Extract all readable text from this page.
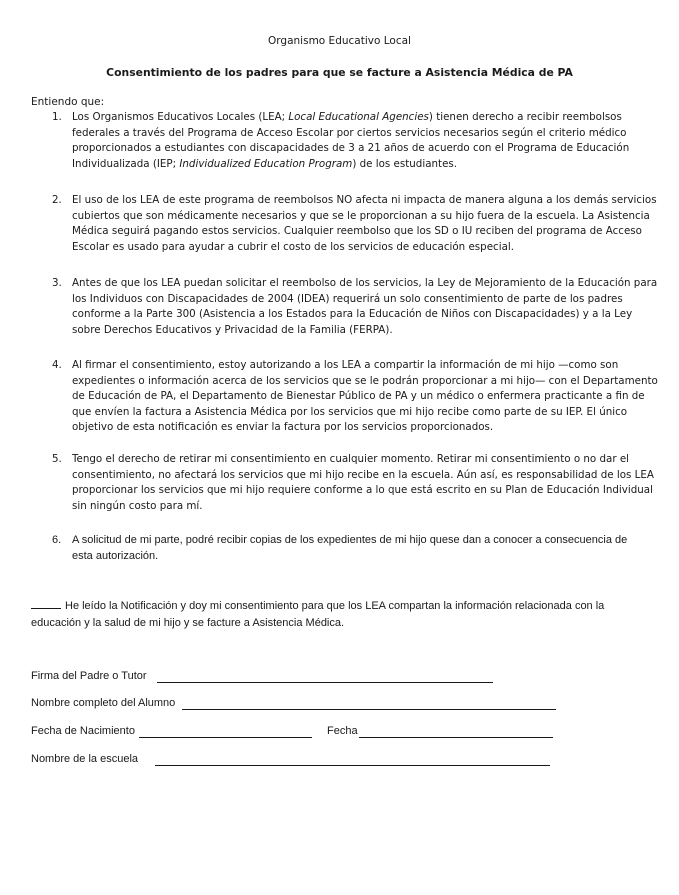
Organismo Educativo Local
Consentimiento de los padres para que se facture a Asistencia Médica de PA
Entiendo que:
1. Los Organismos Educativos Locales (LEA; Local Educational Agencies) tienen derecho a recibir reembolsos
federales a través del Programa de Acceso Escolar por ciertos servicios necesarios según el criterio médico
proporcionados a estudiantes con discapacidades de 3 a 21 años de acuerdo con el Programa de Educación
Individualizada (IEP; Individualized Education Program) de los estudiantes.
2. El uso de los LEA de este programa de reembolsos NO afecta ni impacta de manera alguna a los demás servicios
cubiertos que son médicamente necesarios y que se le proporcionan a su hijo fuera de la escuela. La Asistencia
Médica seguirá pagando estos servicios. Cualquier reembolso que los SD o IU reciben del programa de Acceso
Escolar es usado para ayudar a cubrir el costo de los servicios de educación especial.
3. Antes de que los LEA puedan solicitar el reembolso de los servicios, la Ley de Mejoramiento de la Educación para
los Individuos con Discapacidades de 2004 (IDEA) requerirá un solo consentimiento de parte de los padres
conforme a la Parte 300 (Asistencia a los Estados para la Educación de Niños con Discapacidades) y a la Ley
sobre Derechos Educativos y Privacidad de la Familia (FERPA).
4. Al firmar el consentimiento, estoy autorizando a los LEA a compartir la información de mi hijo —como son
expedientes o información acerca de los servicios que se le podrán proporcionar a mi hijo— con el Departamento
de Educación de PA, el Departamento de Bienestar Público de PA y un médico o enfermera practicante a fin de
que envíen la factura a Asistencia Médica por los servicios que mi hijo recibe como parte de su IEP. El único
objetivo de esta notificación es enviar la factura por los servicios proporcionados.
5. Tengo el derecho de retirar mi consentimiento en cualquier momento. Retirar mi consentimiento o no dar el
consentimiento, no afectará los servicios que mi hijo recibe en la escuela. Aún así, es responsabilidad de los LEA
proporcionar los servicios que mi hijo requiere conforme a lo que está escrito en su Plan de Educación Individual
sin ningún costo para mí.
6. A solicitud de mi parte, podré recibir copias de los expedientes de mi hijo quese dan a conocer a consecuencia de
esta autorización.
He leído la Notificación y doy mi consentimiento para que los LEA compartan la información relacionada con la
educación y la salud de mi hijo y se facture a Asistencia Médica.
Firma del Padre o Tutor
Nombre completo del Alumno
Fecha de Nacimiento	Fecha
Nombre de la escuela
